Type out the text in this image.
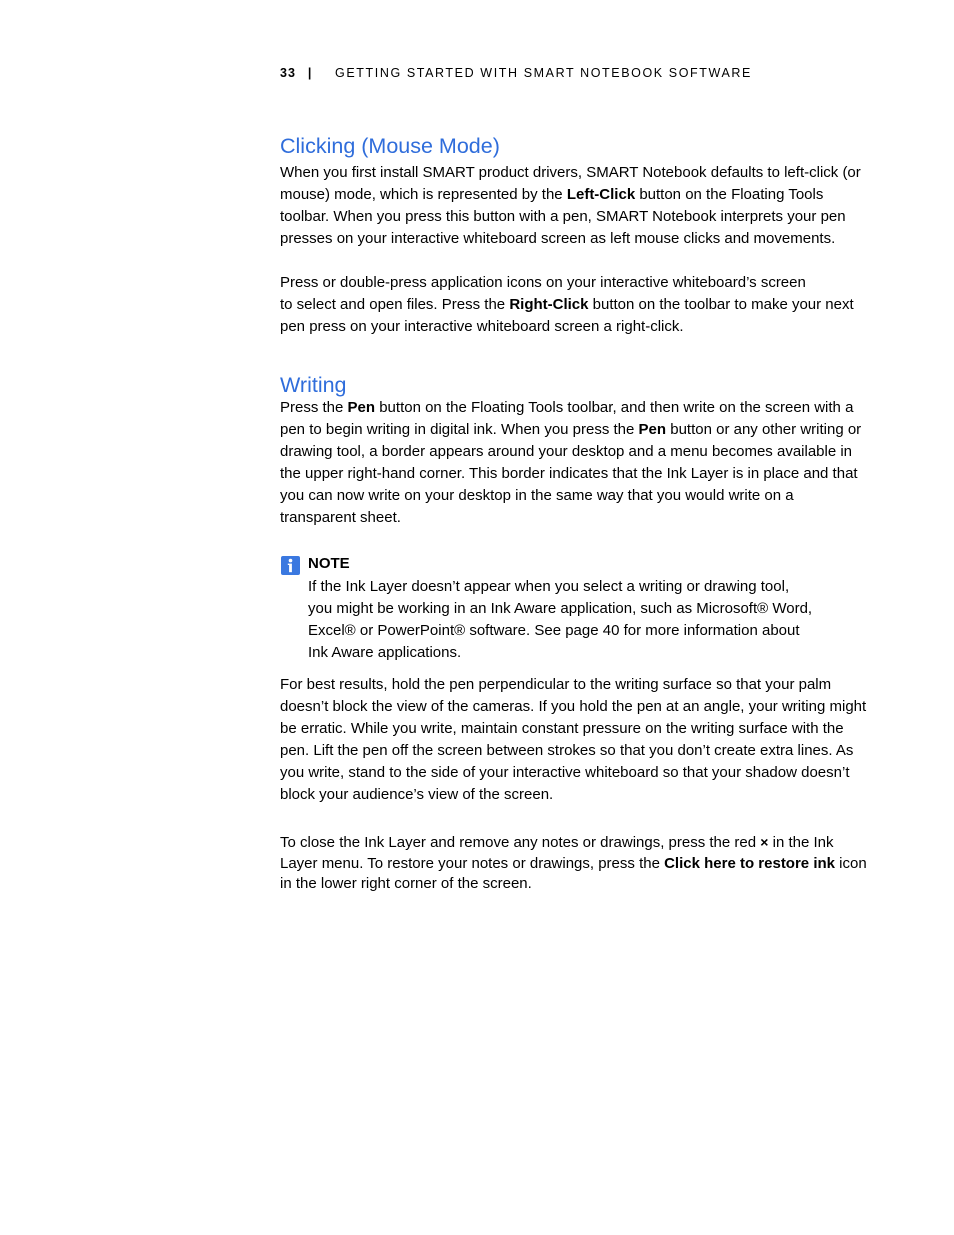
33 | GETTING STARTED WITH SMART NOTEBOOK SOFTWARE
Clicking (Mouse Mode)

When you first install SMART product drivers, SMART Notebook defaults to left-click (or mouse) mode, which is represented by the Left-Click button on the Floating Tools toolbar. When you press this button with a pen, SMART Notebook interprets your pen presses on your interactive whiteboard screen as left mouse clicks and movements.

Press or double-press application icons on your interactive whiteboard’s screen
to select and open files. Press the Right-Click button on the toolbar to make your next pen press on your interactive whiteboard screen a right-click.

Writing

Press the Pen button on the Floating Tools toolbar, and then write on the screen with a pen to begin writing in digital ink. When you press the Pen button or any other writing or drawing tool, a border appears around your desktop and a menu becomes available in the upper right-hand corner. This border indicates that the Ink Layer is in place and that you can now write on your desktop in the same way that you would write on a transparent sheet.

NOTE

If the Ink Layer doesn’t appear when you select a writing or drawing tool,
you might be working in an Ink Aware application, such as Microsoft® Word,
Excel® or PowerPoint® software. See page 40 for more information about
Ink Aware applications.

For best results, hold the pen perpendicular to the writing surface so that your palm doesn’t block the view of the cameras. If you hold the pen at an angle, your writing might be erratic. While you write, maintain constant pressure on the writing surface with the pen. Lift the pen off the screen between strokes so that you don’t create extra lines. As you write, stand to the side of your interactive whiteboard so that your shadow doesn’t block your audience’s view of the screen.

To close the Ink Layer and remove any notes or drawings, press the red × in the Ink Layer menu. To restore your notes or drawings, press the Click here to restore ink icon in the lower right corner of the screen.
